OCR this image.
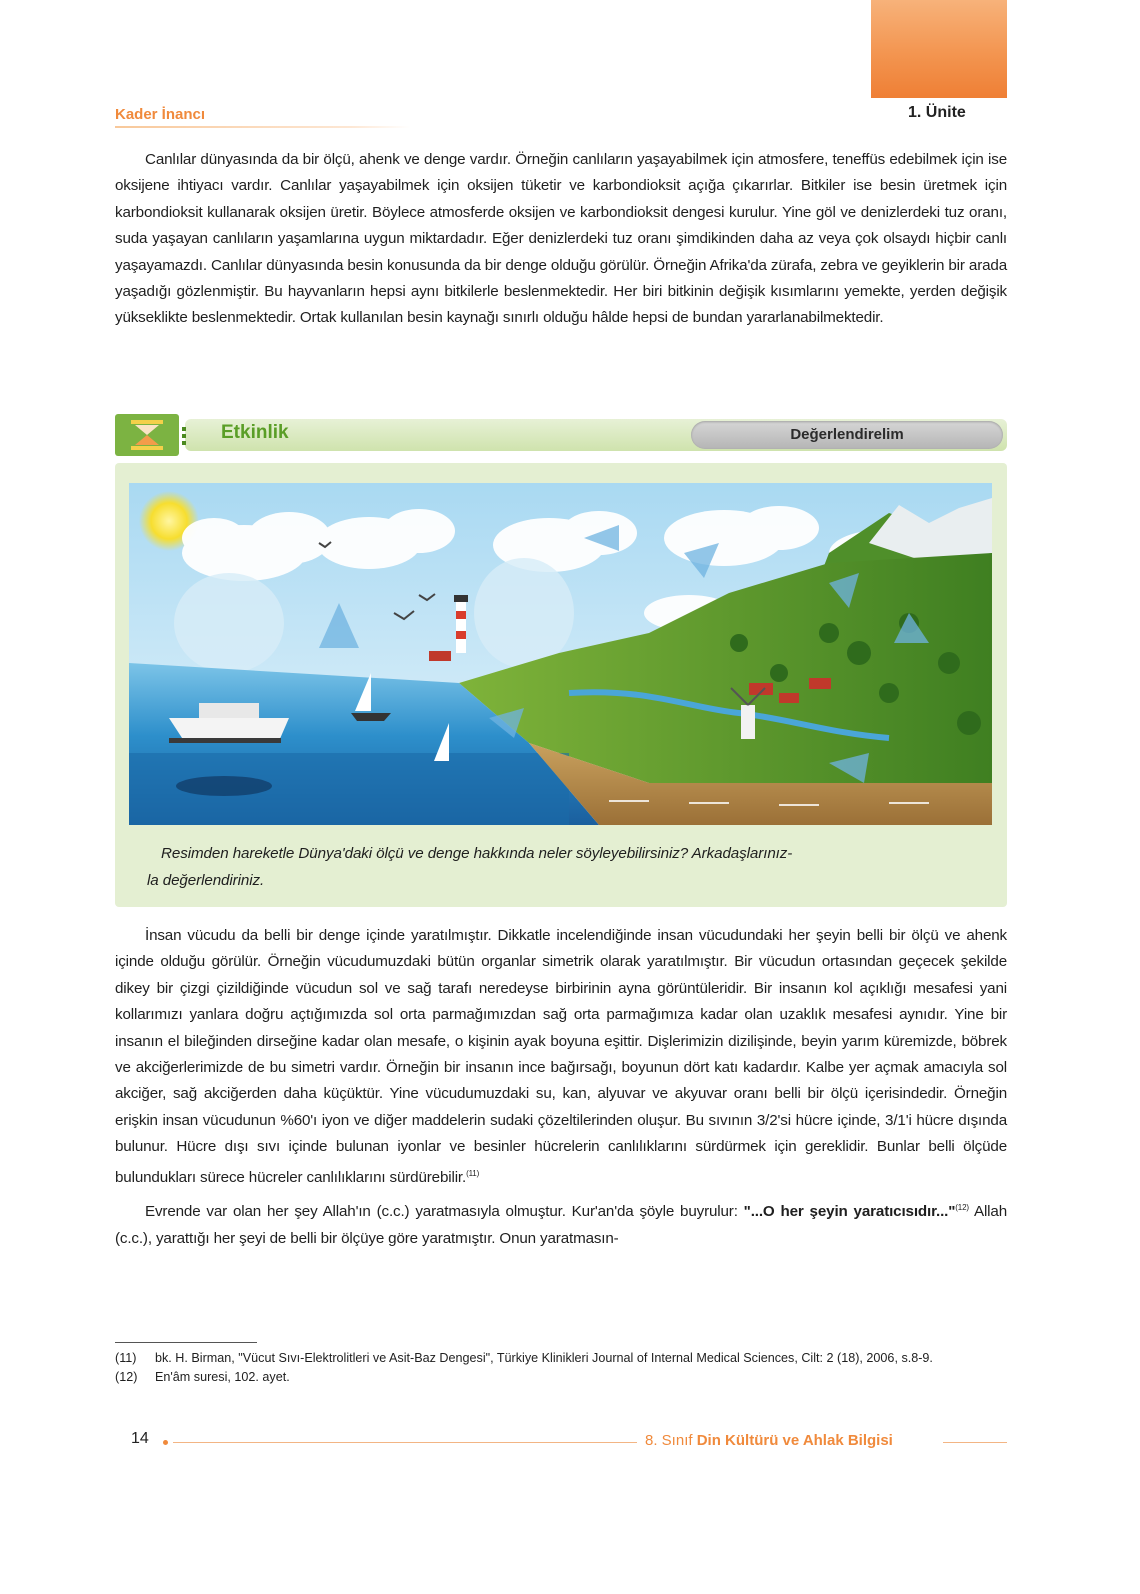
Kader İnancı	1. Ünite

Canlılar dünyasında da bir ölçü, ahenk ve denge vardır. Örneğin canlıların yaşayabilmek için atmosfere, teneffüs edebilmek için ise oksijene ihtiyacı vardır. Canlılar yaşayabilmek için oksijen tüketir ve karbondioksit açığa çıkarırlar. Bitkiler ise besin üretmek için karbondioksit kullanarak oksijen üretir. Böylece atmosferde oksijen ve karbondioksit dengesi kurulur. Yine göl ve denizlerdeki tuz oranı, suda yaşayan canlıların yaşamlarına uygun miktardadır. Eğer denizlerdeki tuz oranı şimdikinden daha az veya çok olsaydı hiçbir canlı yaşayamazdı. Canlılar dünyasında besin konusunda da bir denge olduğu görülür. Örneğin Afrika'da zürafa, zebra ve geyiklerin bir arada yaşadığı gözlenmiştir. Bu hayvanların hepsi aynı bitkilerle beslenmektedir. Her biri bitkinin değişik kısımlarını yemekte, yerden değişik yükseklikte beslenmektedir. Ortak kullanılan besin kaynağı sınırlı olduğu hâlde hepsi de bundan yararlanabilmektedir.

Etkinlik	Değerlendirelim
Resimden hareketle Dünya'daki ölçü ve denge hakkında neler söyleyebilirsiniz? Arkadaşlarınız-
la değerlendiriniz.

İnsan vücudu da belli bir denge içinde yaratılmıştır. Dikkatle incelendiğinde insan vücudundaki her şeyin belli bir ölçü ve ahenk içinde olduğu görülür. Örneğin vücudumuzdaki bütün organlar simetrik olarak yaratılmıştır. Bir vücudun ortasından geçecek şekilde dikey bir çizgi çizildiğinde vücudun sol ve sağ tarafı neredeyse birbirinin ayna görüntüleridir. Bir insanın kol açıklığı mesafesi yani kollarımızı yanlara doğru açtığımızda sol orta parmağımızdan sağ orta parmağımıza kadar olan uzaklık mesafesi aynıdır. Yine bir insanın el bileğinden dirseğine kadar olan mesafe, o kişinin ayak boyuna eşittir. Dişlerimizin dizilişinde, beyin yarım küremizde, böbrek ve akciğerlerimizde de bu simetri vardır. Örneğin bir insanın ince bağırsağı, boyunun dört katı kadardır. Kalbe yer açmak amacıyla sol akciğer, sağ akciğerden daha küçüktür. Yine vücudumuzdaki su, kan, alyuvar ve akyuvar oranı belli bir ölçü içerisindedir. Örneğin erişkin insan vücudunun %60'ı iyon ve diğer maddelerin sudaki çözeltilerinden oluşur. Bu sıvının 3/2'si hücre içinde, 3/1'i hücre dışında bulunur. Hücre dışı sıvı içinde bulunan iyonlar ve besinler hücrelerin canlılıklarını sürdürmek için gereklidir. Bunlar belli ölçüde bulundukları sürece hücreler canlılıklarını sürdürebilir.$^{(11)}$

Evrende var olan her şey Allah'ın (c.c.) yaratmasıyla olmuştur. Kur'an'da şöyle buyrulur: "...O her şeyin yaratıcısıdır..."$^{(12)}$ Allah (c.c.), yarattığı her şeyi de belli bir ölçüye göre yaratmıştır. Onun yaratmasın-

(11) bk. H. Birman, "Vücut Sıvı-Elektrolitleri ve Asit-Baz Dengesi", Türkiye Klinikleri Journal of Internal Medical Sciences, Cilt: 2 (18), 2006, s.8-9.
(12) En'âm suresi, 102. ayet.
14	8. Sınıf Din Kültürü ve Ahlak Bilgisi
